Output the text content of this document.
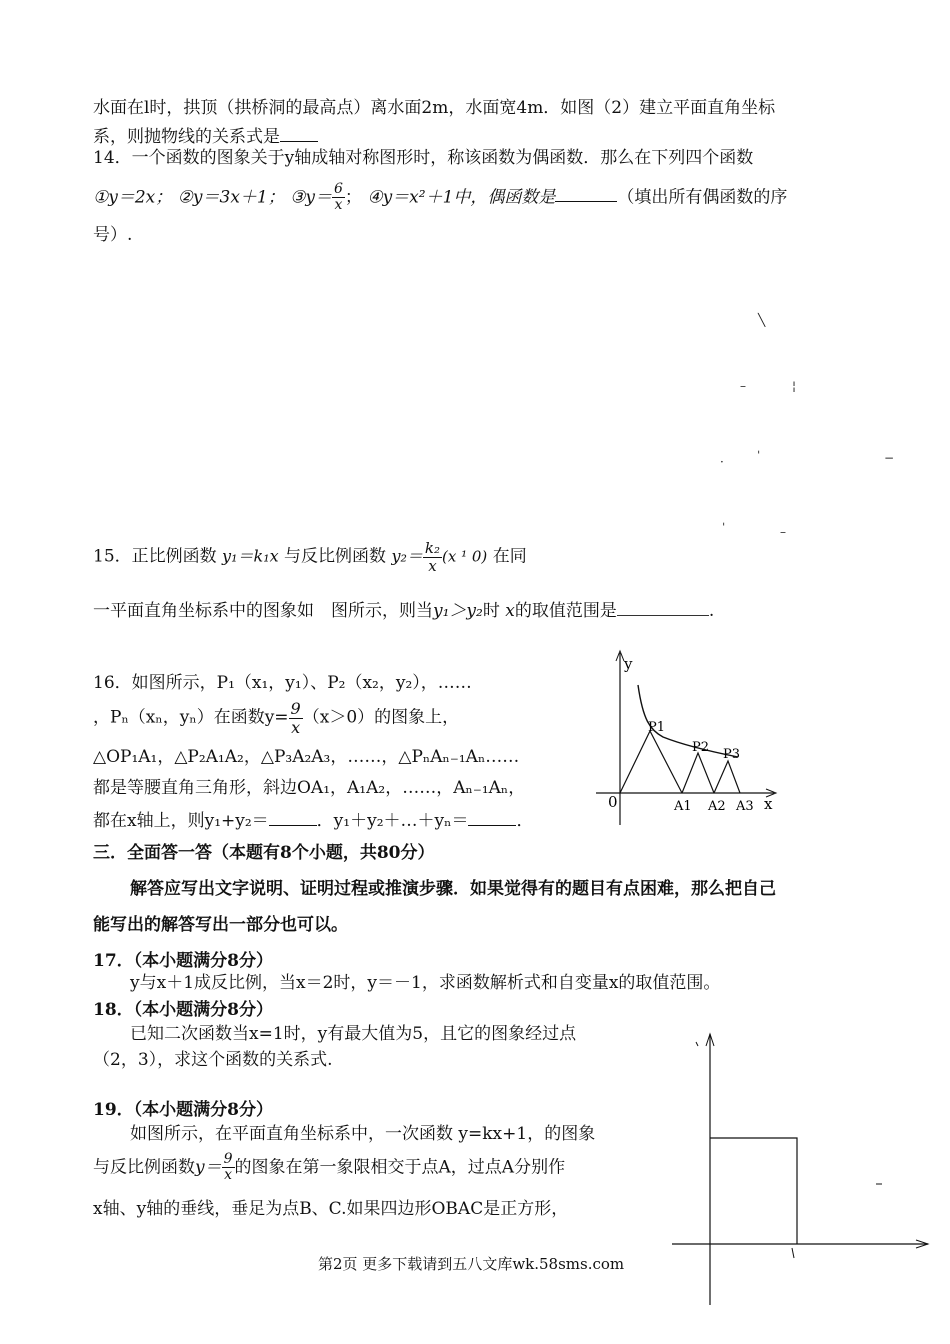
水面在l时，拱顶（拱桥洞的最高点）离水面2m，水面宽4m．如图（2）建立平面直角坐标
系，则抛物线的关系式是
14．一个函数的图象关于y轴成轴对称图形时，称该函数为偶函数．那么在下列四个函数
①y＝2x； ②y＝3x＋1； ③y＝ $\frac{6}{x}$ ； ④y＝x²＋1中，偶函数是	（填出所有偶函数的序
号）.
╲
–	¦
ˈ
·	−
ˈ	–
15．正比例函数 y₁＝k₁x 与反比例函数 $y_2= \frac{\text{k₂}}{x} (x$ ¹ 0) 在同
一平面直角坐标系中的图象如　图所示，则当y₁＞y₂时 x的取值范围是	.
16．如图所示，P₁（x₁，y₁）、P₂（x₂，y₂），……
，Pₙ（xₙ，yₙ）在函数$y= \frac{9}{x} (x>0)$的图象上，
△OP₁A₁，△P₂A₁A₂，△P₃A₂A₃，……，△PₙAₙ₋₁Aₙ……
都是等腰直角三角形，斜边OA₁，A₁A₂，……，Aₙ₋₁Aₙ，
都在x轴上，则y₁+y₂＝	．y₁＋y₂＋…＋yₙ＝	．
y
0	x
P1
P2 P3
A1 A2 A3
三．全面答一答（本题有8个小题，共80分）
解答应写出文字说明、证明过程或推演步骤．如果觉得有的题目有点困难，那么把自己
能写出的解答写出一部分也可以。
17．（本小题满分8分）
y与x＋1成反比例，当x＝2时，y＝－1，求函数解析式和自变量x的取值范围。
18．（本小题满分8分）
已知二次函数当x=1时，y有最大值为5，且它的图象经过点
（2，3），求这个函数的关系式.
19．（本小题满分8分）
如图所示，在平面直角坐标系中，一次函数 y=kx+1，的图象
与反比例函数$y= \frac{9}{x}$ 的图象在第一象限相交于点A，过点A分别作
x轴、y轴的垂线，垂足为点B、C.如果四边形OBAC是正方形，
第2页 更多下载请到五八文库wk.58sms.com
